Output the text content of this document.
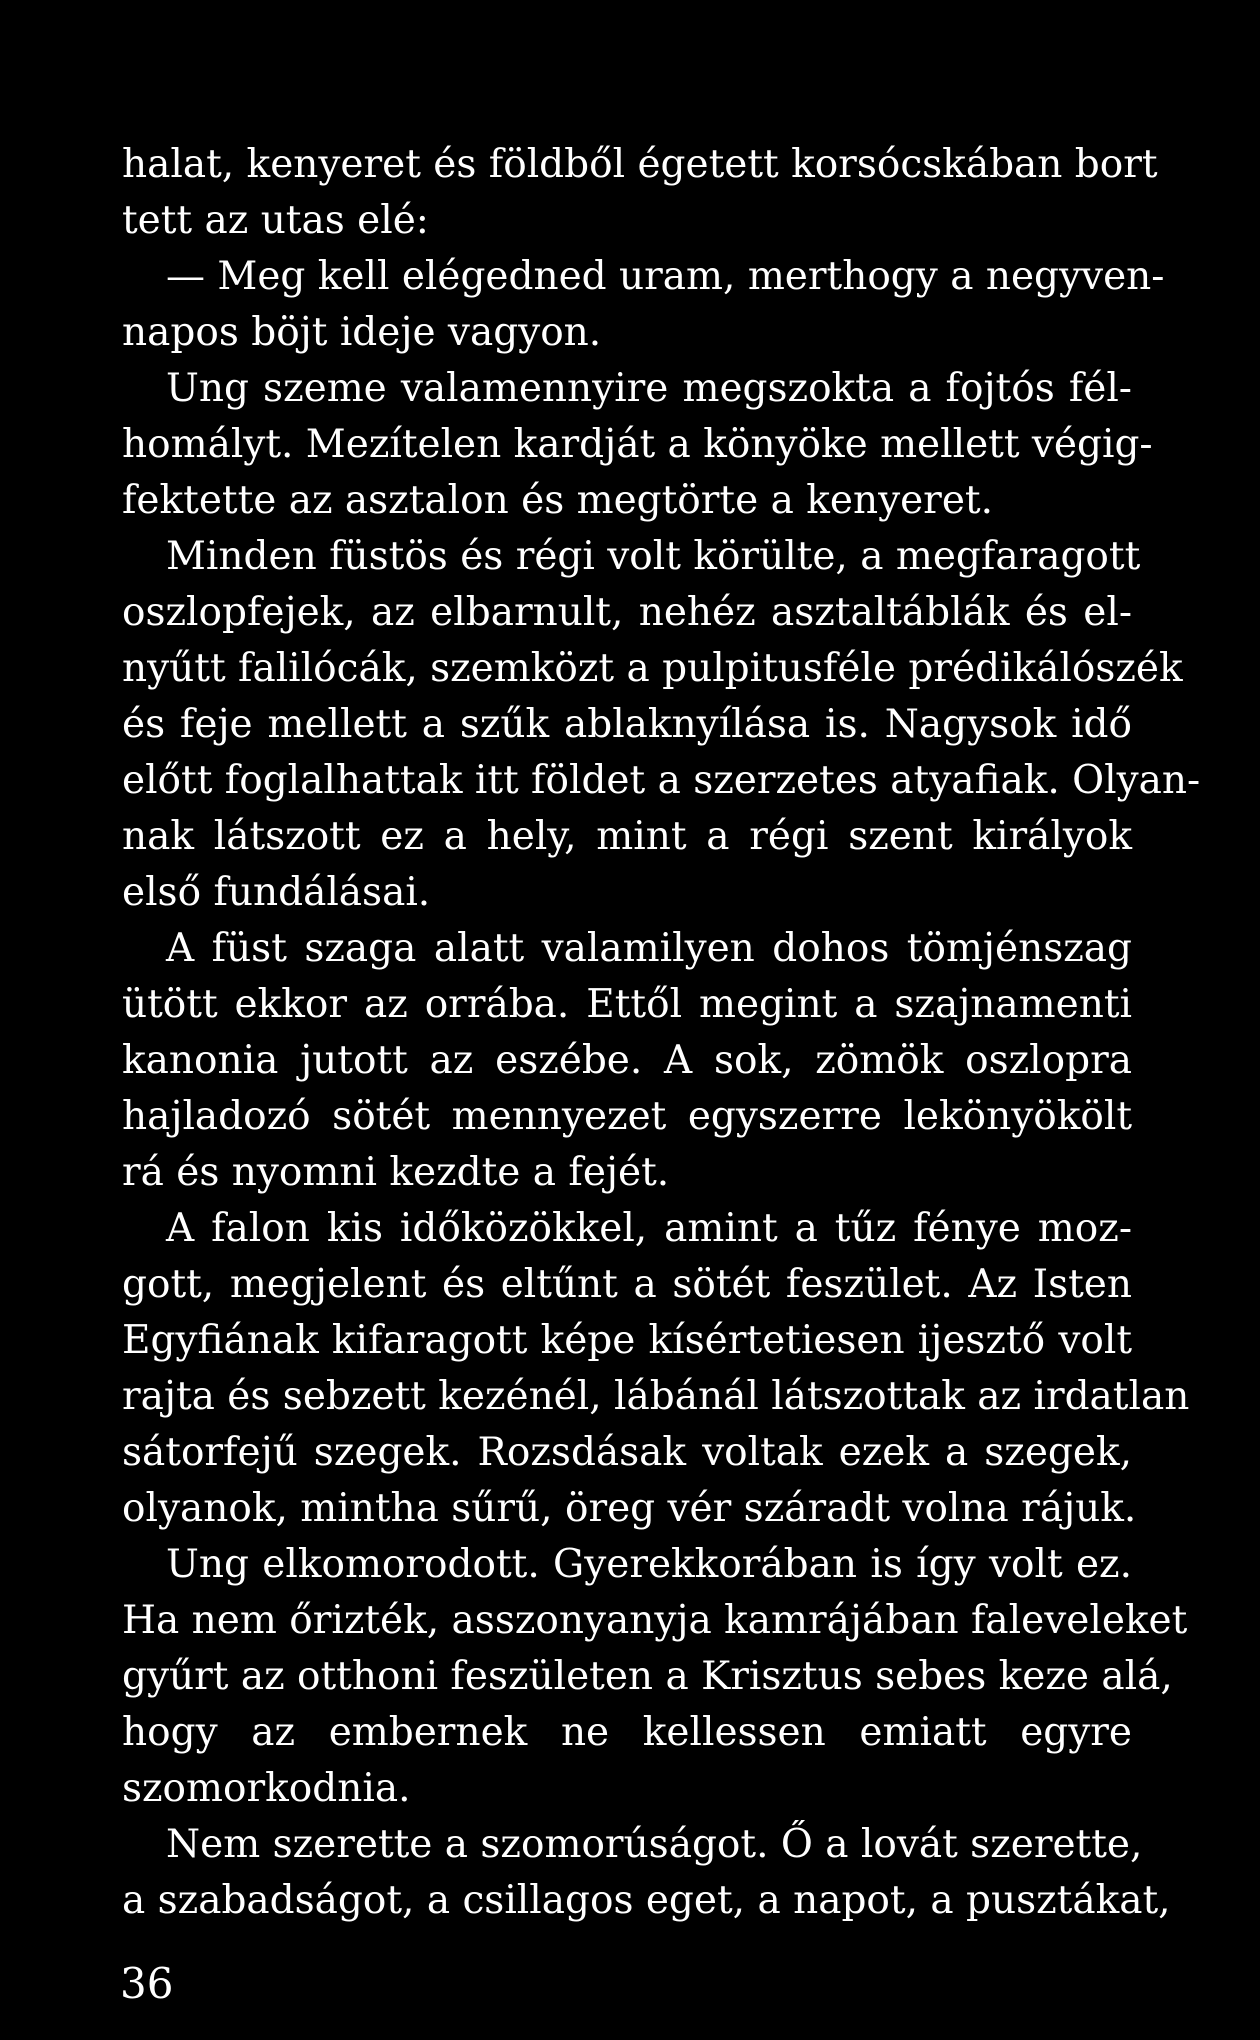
halat, kenyeret és földből égetett korsócskában bort
tett az utas elé:
— Meg kell elégedned uram, merthogy a negyven-
napos böjt ideje vagyon.
Ung szeme valamennyire megszokta a fojtós fél-
homályt. Mezítelen kardját a könyöke mellett végig-
fektette az asztalon és megtörte a kenyeret.
Minden füstös és régi volt körülte, a megfaragott
oszlopfejek, az elbarnult, nehéz asztaltáblák és el-
nyűtt falilócák, szemközt a pulpitusféle prédikálószék
és feje mellett a szűk ablaknyílása is. Nagysok idő
előtt foglalhattak itt földet a szerzetes atyafiak. Olyan-
nak látszott ez a hely, mint a régi szent királyok
első fundálásai.
A füst szaga alatt valamilyen dohos tömjénszag
ütött ekkor az orrába. Ettől megint a szajnamenti
kanonia jutott az eszébe. A sok, zömök oszlopra
hajladozó sötét mennyezet egyszerre lekönyökölt
rá és nyomni kezdte a fejét.
A falon kis időközökkel, amint a tűz fénye moz-
gott, megjelent és eltűnt a sötét feszület. Az Isten
Egyfiának kifaragott képe kísértetiesen ijesztő volt
rajta és sebzett kezénél, lábánál látszottak az irdatlan
sátorfejű szegek. Rozsdásak voltak ezek a szegek,
olyanok, mintha sűrű, öreg vér száradt volna rájuk.
Ung elkomorodott. Gyerekkorában is így volt ez.
Ha nem őrizték, asszonyanyja kamrájában faleveleket
gyűrt az otthoni feszületen a Krisztus sebes keze alá,
hogy az embernek ne kellessen emiatt egyre
szomorkodnia.
Nem szerette a szomorúságot. Ő a lovát szerette,
a szabadságot, a csillagos eget, a napot, a pusztákat,
36
